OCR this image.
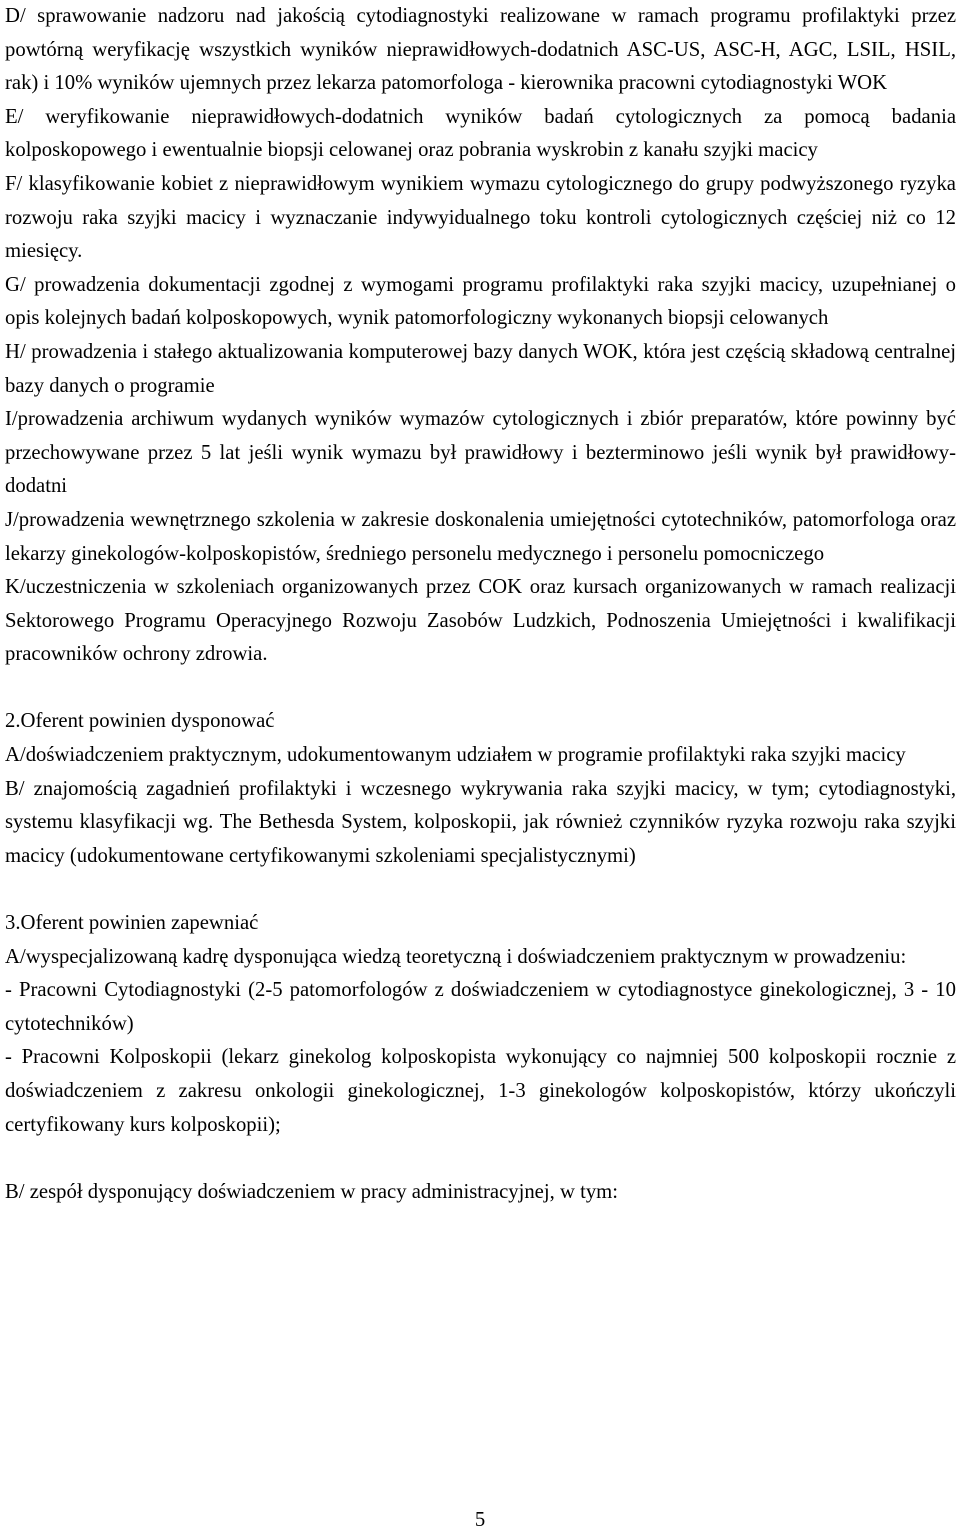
D/ sprawowanie nadzoru nad jakością cytodiagnostyki realizowane w ramach programu profilaktyki przez powtórną weryfikację wszystkich wyników nieprawidłowych-dodatnich ASC-US, ASC-H, AGC, LSIL, HSIL, rak) i 10% wyników ujemnych przez lekarza patomorfologa - kierownika pracowni cytodiagnostyki WOK

E/ weryfikowanie nieprawidłowych-dodatnich wyników badań cytologicznych za pomocą badania kolposkopowego i ewentualnie biopsji celowanej oraz pobrania wyskrobin z kanału szyjki macicy

F/ klasyfikowanie kobiet z nieprawidłowym wynikiem wymazu cytologicznego do grupy podwyższonego ryzyka rozwoju raka szyjki macicy i wyznaczanie indywyidualnego toku kontroli cytologicznych częściej niż co 12 miesięcy.

G/ prowadzenia dokumentacji zgodnej z wymogami programu profilaktyki raka szyjki macicy, uzupełnianej o opis kolejnych badań kolposkopowych, wynik patomorfologiczny wykonanych biopsji celowanych

H/ prowadzenia i stałego aktualizowania komputerowej bazy danych WOK, która jest częścią składową centralnej bazy danych o programie

I/prowadzenia archiwum wydanych wyników wymazów cytologicznych i zbiór preparatów, które powinny być przechowywane przez 5 lat jeśli wynik wymazu był prawidłowy i bezterminowo jeśli wynik był prawidłowy-dodatni

J/prowadzenia wewnętrznego szkolenia w zakresie doskonalenia umiejętności cytotechników, patomorfologa oraz lekarzy ginekologów-kolposkopistów, średniego personelu medycznego i personelu pomocniczego

K/uczestniczenia w szkoleniach organizowanych przez COK oraz kursach organizowanych w ramach realizacji Sektorowego Programu Operacyjnego Rozwoju Zasobów Ludzkich, Podnoszenia Umiejętności i kwalifikacji pracowników ochrony zdrowia.

2.Oferent powinien dysponować

A/doświadczeniem praktycznym, udokumentowanym udziałem w programie profilaktyki raka szyjki macicy

B/ znajomością zagadnień profilaktyki i wczesnego wykrywania raka szyjki macicy, w tym; cytodiagnostyki, systemu klasyfikacji wg. The Bethesda System, kolposkopii, jak również czynników ryzyka rozwoju raka szyjki macicy (udokumentowane certyfikowanymi szkoleniami specjalistycznymi)

3.Oferent powinien zapewniać

A/wyspecjalizowaną kadrę dysponująca wiedzą teoretyczną i doświadczeniem praktycznym w prowadzeniu:

- Pracowni Cytodiagnostyki (2-5 patomorfologów z doświadczeniem w cytodiagnostyce ginekologicznej, 3 - 10 cytotechników)

- Pracowni Kolposkopii (lekarz ginekolog kolposkopista wykonujący co najmniej 500 kolposkopii rocznie z doświadczeniem z zakresu onkologii ginekologicznej, 1-3 ginekologów kolposkopistów, którzy ukończyli certyfikowany kurs kolposkopii);

B/ zespół dysponujący doświadczeniem w pracy administracyjnej, w tym:

5
